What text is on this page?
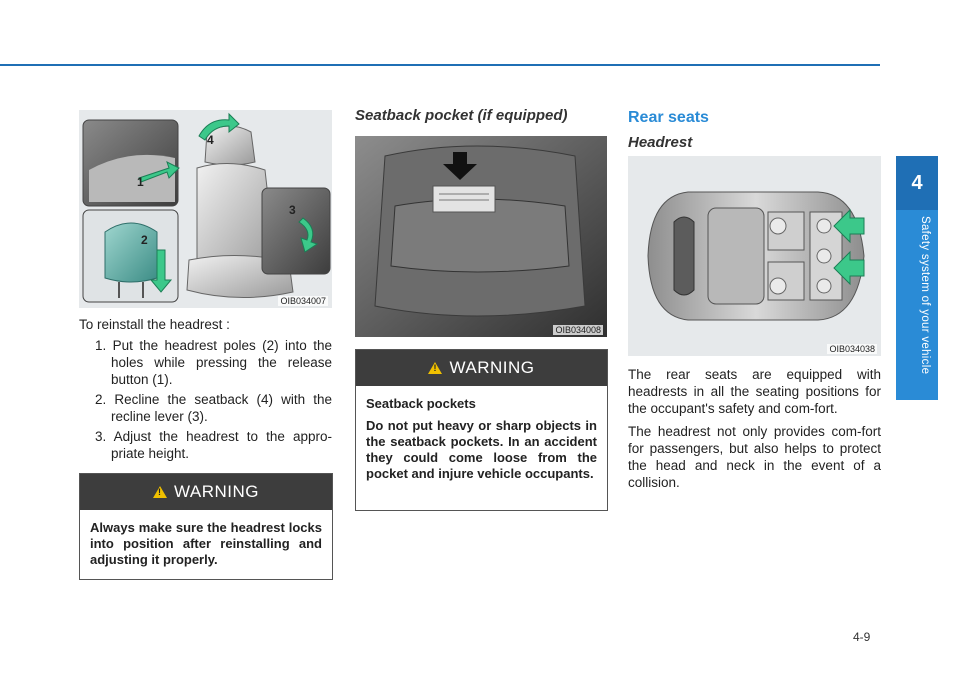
4
Safety system of your vehicle
1
2
3
4
OIB034007

To reinstall the headrest :

1. Put the headrest poles (2) into the holes while pressing the release button (1).
2. Recline the seatback (4) with the recline lever (3).
3. Adjust the headrest to the appro-priate height.
!
WARNING

Always make sure the headrest locks into position after reinstalling and adjusting it properly.

Seatback pocket (if equipped)
OIB034008
!
WARNING

Seatback pockets

Do not put heavy or sharp objects in the seatback pockets. In an accident they could come loose from the pocket and injure vehicle occupants.

Rear seats
Headrest
OIB034038

The rear seats are equipped with headrests in all the seating positions for the occupant's safety and com-fort.

The headrest not only provides com-fort for passengers, but also helps to protect the head and neck in the event of a collision.

4-9
